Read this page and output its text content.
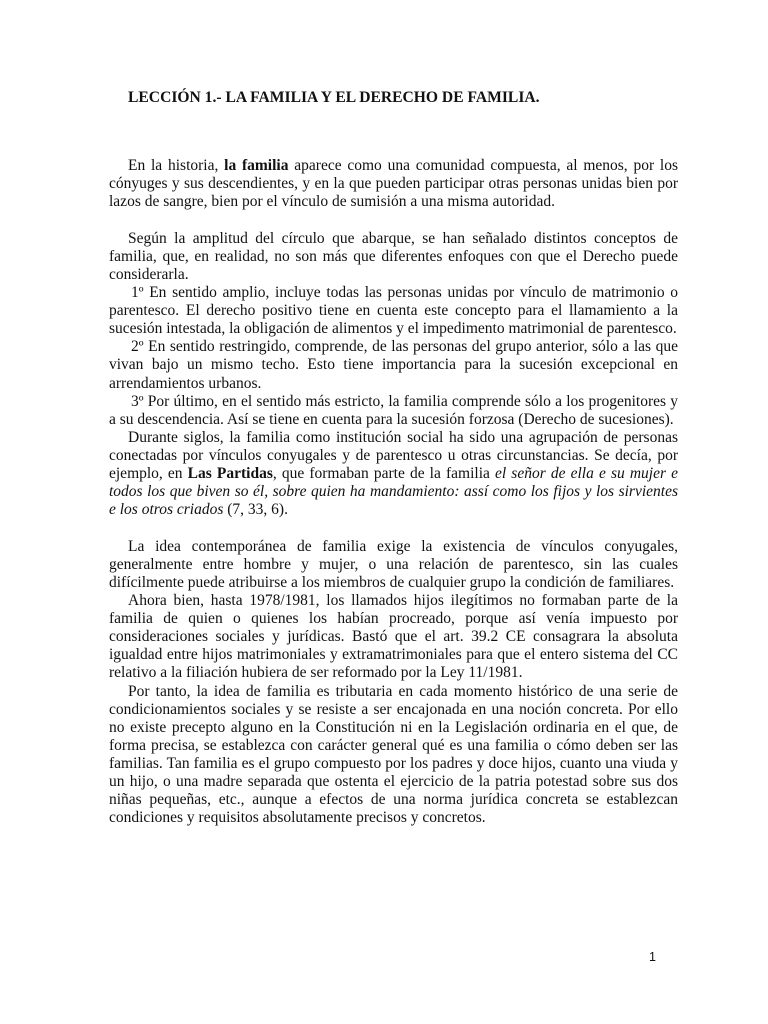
LECCIÓN 1.- LA FAMILIA Y EL DERECHO DE FAMILIA.

En la historia, la familia aparece como una comunidad compuesta, al menos, por los cónyuges y sus descendientes, y en la que pueden participar otras personas unidas bien por lazos de sangre, bien por el vínculo de sumisión a una misma autoridad.

Según la amplitud del círculo que abarque, se han señalado distintos conceptos de familia, que, en realidad, no son más que diferentes enfoques con que el Derecho puede considerarla.

1º En sentido amplio, incluye todas las personas unidas por vínculo de matrimonio o parentesco. El derecho positivo tiene en cuenta este concepto para el llamamiento a la sucesión intestada, la obligación de alimentos y el impedimento matrimonial de parentesco.

2º En sentido restringido, comprende, de las personas del grupo anterior, sólo a las que vivan bajo un mismo techo. Esto tiene importancia para la sucesión excepcional en arrendamientos urbanos.

3º Por último, en el sentido más estricto, la familia comprende sólo a los progenitores y a su descendencia. Así se tiene en cuenta para la sucesión forzosa (Derecho de sucesiones).

Durante siglos, la familia como institución social ha sido una agrupación de personas conectadas por vínculos conyugales y de parentesco u otras circunstancias. Se decía, por ejemplo, en Las Partidas, que formaban parte de la familia el señor de ella e su mujer e todos los que biven so él, sobre quien ha mandamiento: assí como los fijos y los sirvientes e los otros criados (7, 33, 6).

La idea contemporánea de familia exige la existencia de vínculos conyugales, generalmente entre hombre y mujer, o una relación de parentesco, sin las cuales difícilmente puede atribuirse a los miembros de cualquier grupo la condición de familiares.

Ahora bien, hasta 1978/1981, los llamados hijos ilegítimos no formaban parte de la familia de quien o quienes los habían procreado, porque así venía impuesto por consideraciones sociales y jurídicas. Bastó que el art. 39.2 CE consagrara la absoluta igualdad entre hijos matrimoniales y extramatrimoniales para que el entero sistema del CC relativo a la filiación hubiera de ser reformado por la Ley 11/1981.

Por tanto, la idea de familia es tributaria en cada momento histórico de una serie de condicionamientos sociales y se resiste a ser encajonada en una noción concreta. Por ello no existe precepto alguno en la Constitución ni en la Legislación ordinaria en el que, de forma precisa, se establezca con carácter general qué es una familia o cómo deben ser las familias. Tan familia es el grupo compuesto por los padres y doce hijos, cuanto una viuda y un hijo, o una madre separada que ostenta el ejercicio de la patria potestad sobre sus dos niñas pequeñas, etc., aunque a efectos de una norma jurídica concreta se establezcan condiciones y requisitos absolutamente precisos y concretos.

1
